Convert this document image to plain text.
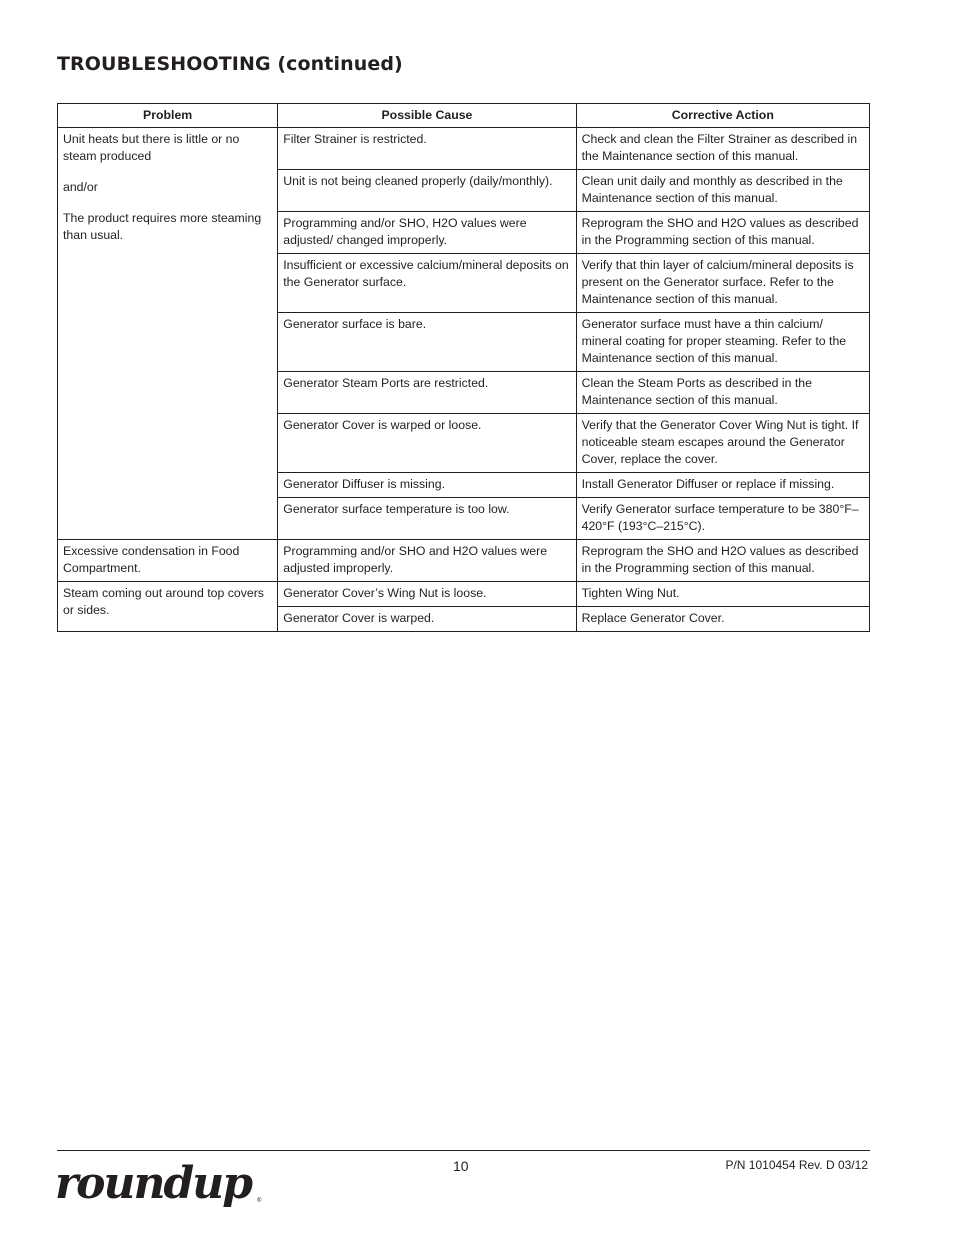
TROUBLESHOOTING (continued)
Problem	Possible Cause	Corrective Action

Unit heats but there is little or no steam produced
and/or
The product requires more steaming than usual.	Filter Strainer is restricted.	Check and clean the Filter Strainer as described in the Maintenance section of this manual.
	Unit is not being cleaned properly (daily/monthly).	Clean unit daily and monthly as described in the Maintenance section of this manual.
	Programming and/or SHO, H2O values were adjusted/ changed improperly.	Reprogram the SHO and H2O values as described in the Programming section of this manual.
	Insufficient or excessive calcium/mineral deposits on the Generator surface.	Verify that thin layer of calcium/mineral deposits is present on the Generator surface. Refer to the Maintenance section of this manual.
	Generator surface is bare.	Generator surface must have a thin calcium/ mineral coating for proper steaming. Refer to the Maintenance section of this manual.
	Generator Steam Ports are restricted.	Clean the Steam Ports as described in the Maintenance section of this manual.
	Generator Cover is warped or loose.	Verify that the Generator Cover Wing Nut is tight. If noticeable steam escapes around the Generator Cover, replace the cover.
	Generator Diffuser is missing.	Install Generator Diffuser or replace if missing.
	Generator surface temperature is too low.	Verify Generator surface temperature to be 380°F–420°F (193°C–215°C).

Excessive condensation in Food Compartment.	Programming and/or SHO and H2O values were adjusted improperly.	Reprogram the SHO and H2O values as described in the Programming section of this manual.

Steam coming out around top covers or sides.	Generator Cover’s Wing Nut is loose.	Tighten Wing Nut.
	Generator Cover is warped.	Replace Generator Cover.
roundup ®
10	P/N 1010454 Rev. D 03/12
